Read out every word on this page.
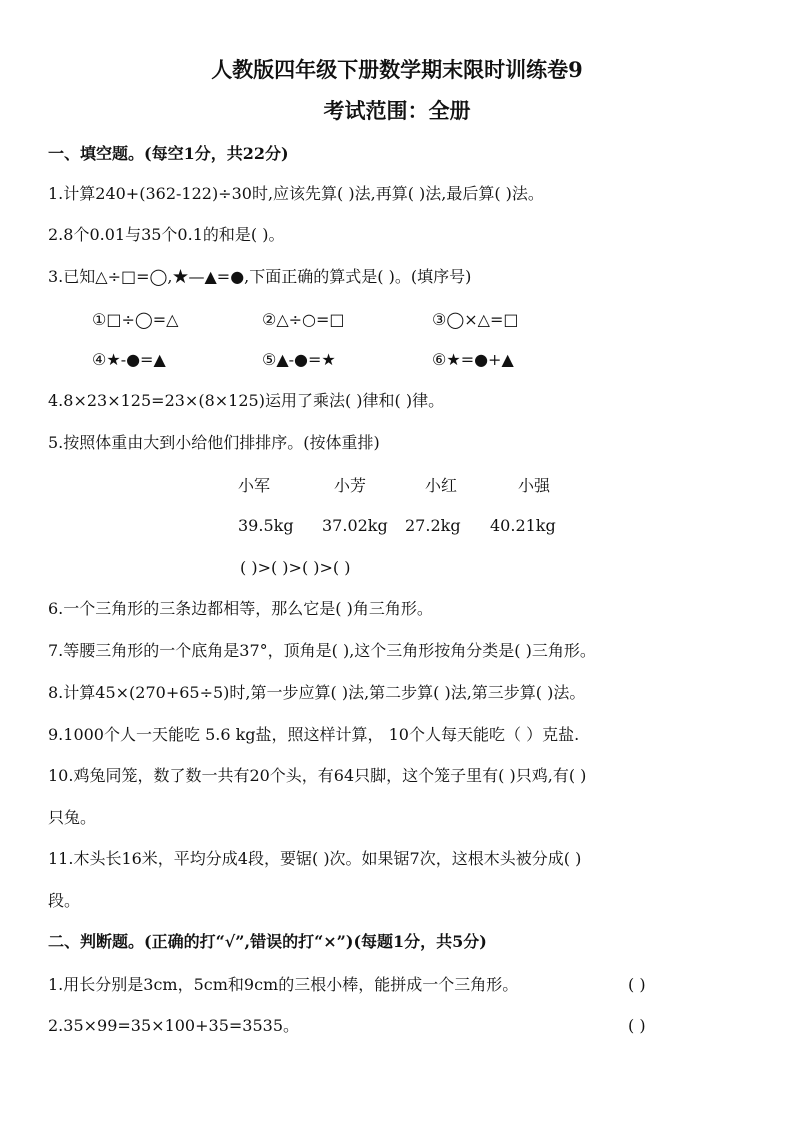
人教版四年级下册数学期末限时训练卷9
考试范围：全册
一、填空题。(每空1分，共22分)
1.计算240+(362-122)÷30时,应该先算( )法,再算( )法,最后算( )法。
2.8个0.01与35个0.1的和是( )。
3.已知△÷□=◯,★—▲=●,下面正确的算式是( )。(填序号)
①□÷◯=△	②△÷○=□	③◯×△=□
④★-●=▲	⑤▲-●=★	⑥★=●+▲
4.8×23×125=23×(8×125)运用了乘法( )律和( )律。
5.按照体重由大到小给他们排排序。(按体重排)
小军	小芳	小红	小强
39.5kg 37.02kg 27.2kg 40.21kg
( )>( )>( )>( )
6.一个三角形的三条边都相等，那么它是( )角三角形。
7.等腰三角形的一个底角是37°，顶角是( ),这个三角形按角分类是( )三角形。
8.计算45×(270+65÷5)时,第一步应算( )法,第二步算( )法,第三步算( )法。
9.1000个人一天能吃 5.6 kg盐，照这样计算， 10个人每天能吃（ ）克盐.
10.鸡兔同笼，数了数一共有20个头，有64只脚，这个笼子里有( )只鸡,有( )
只兔。
11.木头长16米，平均分成4段，要锯( )次。如果锯7次，这根木头被分成( )
段。
二、判断题。(正确的打“√”,错误的打“×”)(每题1分，共5分)
1.用长分别是3cm，5cm和9cm的三根小棒，能拼成一个三角形。	( )
2.35×99=35×100+35=3535。	( )
